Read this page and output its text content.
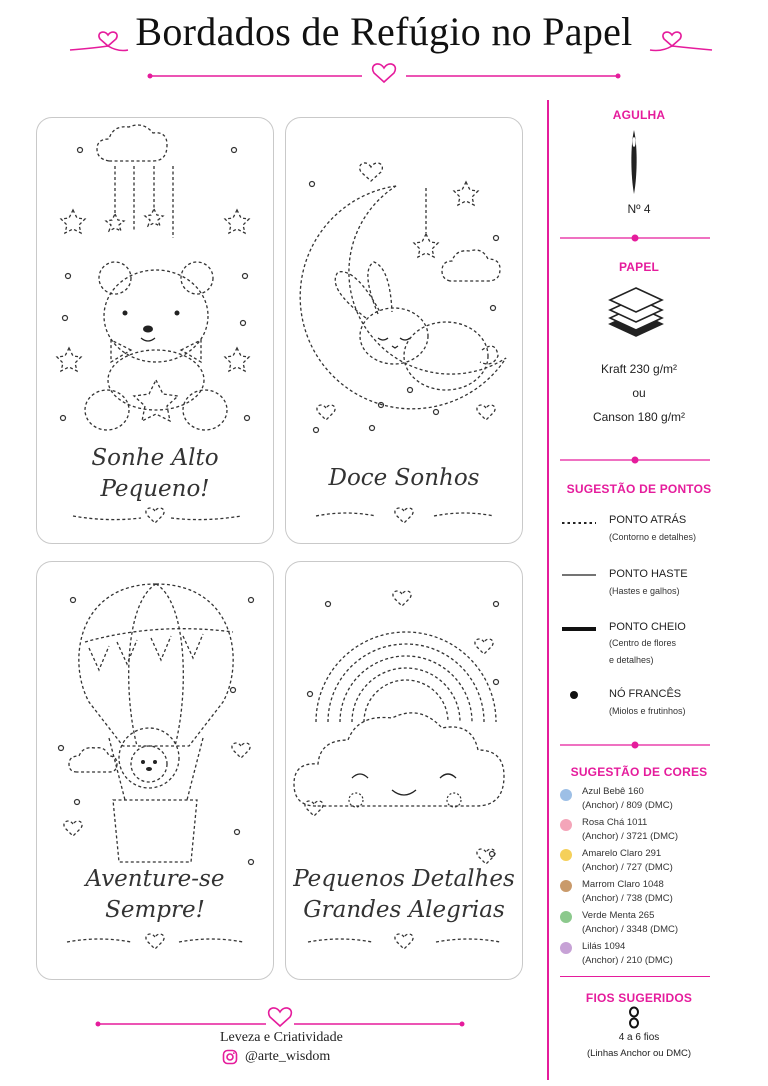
Bordados de Refúgio no Papel
Sonhe Alto
Pequeno!	Doce Sonhos
Aventure-se
Sempre!
Pequenos Detalhes
Grandes Alegrias
AGULHA
Nº 4
PAPEL
Kraft 230 g/m²
ou
Canson 180 g/m²
SUGESTÃO DE PONTOS
PONTO ATRÁS
(Contorno e detalhes)
PONTO HASTE
(Hastes e galhos)
PONTO CHEIO
(Centro de flores
e detalhes)
NÓ FRANCÊS
(Miolos e frutinhos)
SUGESTÃO DE CORES
Azul Bebê 160
(Anchor) / 809 (DMC)
Rosa Chá 1011
(Anchor) / 3721 (DMC)
Amarelo Claro 291
(Anchor) / 727 (DMC)
Marrom Claro 1048
(Anchor) / 738 (DMC)
Verde Menta 265
(Anchor) / 3348 (DMC)
Lilás 1094
(Anchor) / 210 (DMC)
FIOS SUGERIDOS
4 a 6 fios
(Linhas Anchor ou DMC)
Leveza e Criatividade
@arte_wisdom
